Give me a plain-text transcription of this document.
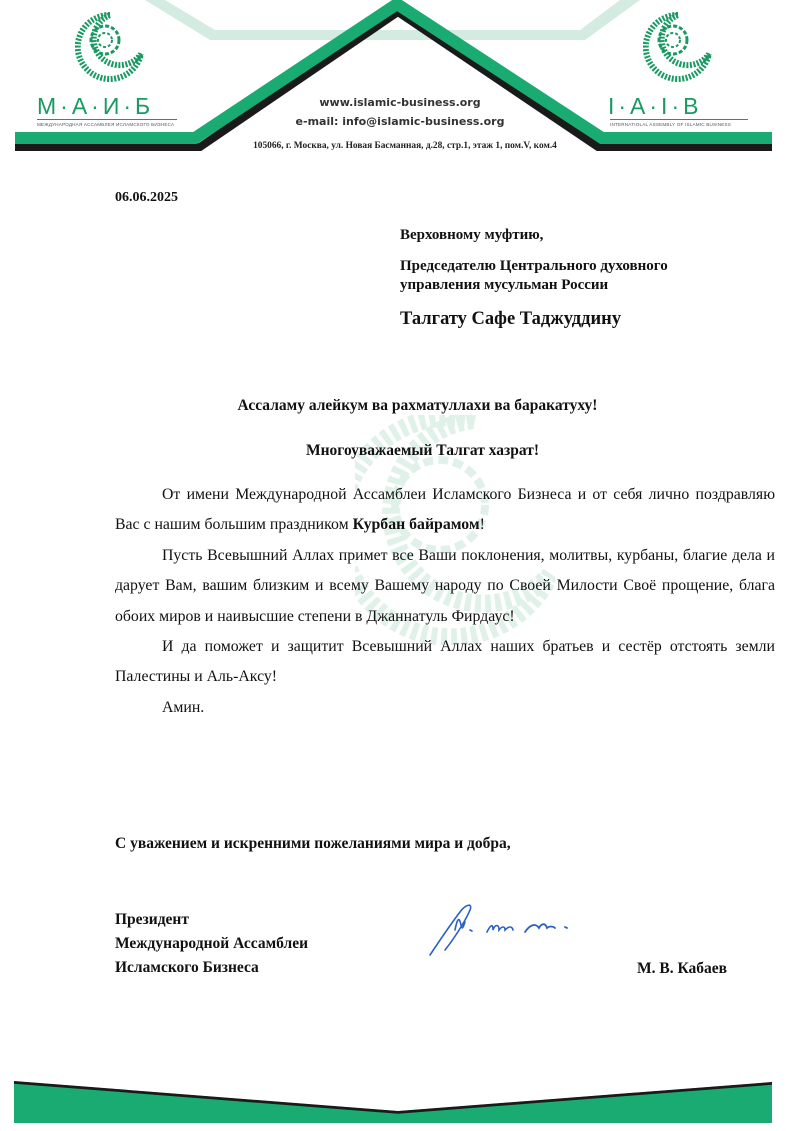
М·А·И·Б
МЕЖДУНАРОДНАЯ АССАМБЛЕЯ ИСЛАМСКОГО БИЗНЕСА
I·A·I·B
INTERNATIOLAL ASSEMBLY OF ISLAMIC BUSINESS
www.islamic-business.org
e-mail: info@islamic-business.org
105066, г. Москва, ул. Новая Басманная, д.28, стр.1, этаж 1, пом.V, ком.4
06.06.2025
Верховному муфтию,
Председателю Центрального духовного
управления мусульман России
Талгату Сафе Таджуддину
Ассаламу алейкум ва рахматуллахи ва баракатуху!
Многоуважаемый Талгат хазрат!

От имени Международной Ассамблеи Исламского Бизнеса и от себя лично поздравляю Вас с нашим большим праздником Курбан байрамом!

Пусть Всевышний Аллах примет все Ваши поклонения, молитвы, курбаны, благие дела и дарует Вам, вашим близким и всему Вашему народу по Своей Милости Своё прощение, блага обоих миров и наивысшие степени в Джаннатуль Фирдаус!

И да поможет и защитит Всевышний Аллах наших братьев и сестёр отстоять земли Палестины и Аль-Аксу!

Амин.

С уважением и искренними пожеланиями мира и добра,
Президент
Международной Ассамблеи
Исламского Бизнеса	М. В. Кабаев
